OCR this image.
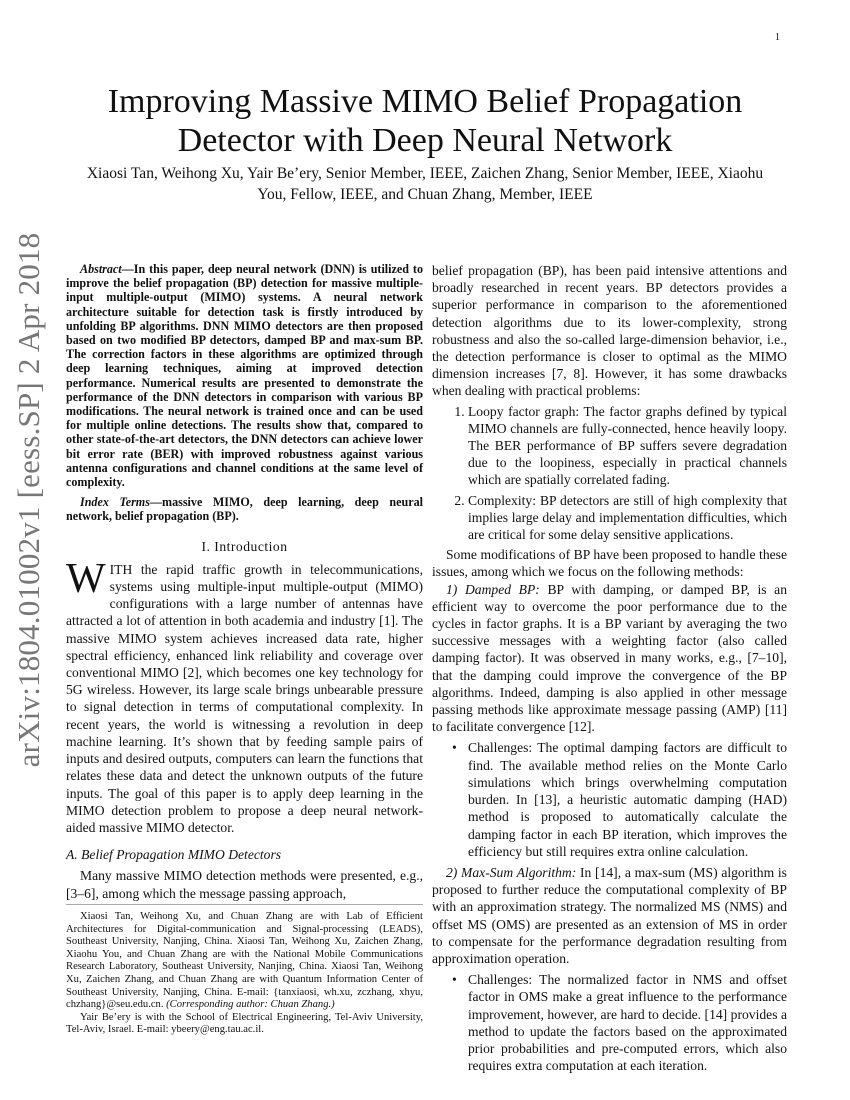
1
arXiv:1804.01002v1 [eess.SP] 2 Apr 2018
Improving Massive MIMO Belief Propagation Detector with Deep Neural Network
Xiaosi Tan, Weihong Xu, Yair Be’ery, Senior Member, IEEE, Zaichen Zhang, Senior Member, IEEE, Xiaohu You, Fellow, IEEE, and Chuan Zhang, Member, IEEE

Abstract—In this paper, deep neural network (DNN) is utilized to improve the belief propagation (BP) detection for massive multiple-input multiple-output (MIMO) systems. A neural network architecture suitable for detection task is firstly introduced by unfolding BP algorithms. DNN MIMO detectors are then proposed based on two modified BP detectors, damped BP and max-sum BP. The correction factors in these algorithms are optimized through deep learning techniques, aiming at improved detection performance. Numerical results are presented to demonstrate the performance of the DNN detectors in comparison with various BP modifications. The neural network is trained once and can be used for multiple online detections. The results show that, compared to other state-of-the-art detectors, the DNN detectors can achieve lower bit error rate (BER) with improved robustness against various antenna configurations and channel conditions at the same level of complexity.

Index Terms—massive MIMO, deep learning, deep neural network, belief propagation (BP).

I. Introduction

WITH the rapid traffic growth in telecommunications, systems using multiple-input multiple-output (MIMO) configurations with a large number of antennas have attracted a lot of attention in both academia and industry [1]. The massive MIMO system achieves increased data rate, higher spectral efficiency, enhanced link reliability and coverage over conventional MIMO [2], which becomes one key technology for 5G wireless. However, its large scale brings unbearable pressure to signal detection in terms of computational complexity. In recent years, the world is witnessing a revolution in deep machine learning. It’s shown that by feeding sample pairs of inputs and desired outputs, computers can learn the functions that relates these data and detect the unknown outputs of the future inputs. The goal of this paper is to apply deep learning in the MIMO detection problem to propose a deep neural network-aided massive MIMO detector.

A. Belief Propagation MIMO Detectors

Many massive MIMO detection methods were presented, e.g., [3–6], among which the message passing approach,

Xiaosi Tan, Weihong Xu, and Chuan Zhang are with Lab of Efficient Architectures for Digital-communication and Signal-processing (LEADS), Southeast University, Nanjing, China. Xiaosi Tan, Weihong Xu, Zaichen Zhang, Xiaohu You, and Chuan Zhang are with the National Mobile Communications Research Laboratory, Southeast University, Nanjing, China. Xiaosi Tan, Weihong Xu, Zaichen Zhang, and Chuan Zhang are with Quantum Information Center of Southeast University, Nanjing, China. E-mail: {tanxiaosi, wh.xu, zczhang, xhyu, chzhang}@seu.edu.cn. (Corresponding author: Chuan Zhang.)

Yair Be’ery is with the School of Electrical Engineering, Tel-Aviv University, Tel-Aviv, Israel. E-mail: ybeery@eng.tau.ac.il.

belief propagation (BP), has been paid intensive attentions and broadly researched in recent years. BP detectors provides a superior performance in comparison to the aforementioned detection algorithms due to its lower-complexity, strong robustness and also the so-called large-dimension behavior, i.e., the detection performance is closer to optimal as the MIMO dimension increases [7, 8]. However, it has some drawbacks when dealing with practical problems:

1. Loopy factor graph: The factor graphs defined by typical MIMO channels are fully-connected, hence heavily loopy. The BER performance of BP suffers severe degradation due to the loopiness, especially in practical channels which are spatially correlated fading.
2. Complexity: BP detectors are still of high complexity that implies large delay and implementation difficulties, which are critical for some delay sensitive applications.

Some modifications of BP have been proposed to handle these issues, among which we focus on the following methods:

1) Damped BP: BP with damping, or damped BP, is an efficient way to overcome the poor performance due to the cycles in factor graphs. It is a BP variant by averaging the two successive messages with a weighting factor (also called damping factor). It was observed in many works, e.g., [7–10], that the damping could improve the convergence of the BP algorithms. Indeed, damping is also applied in other message passing methods like approximate message passing (AMP) [11] to facilitate convergence [12].

• Challenges: The optimal damping factors are difficult to find. The available method relies on the Monte Carlo simulations which brings overwhelming computation burden. In [13], a heuristic automatic damping (HAD) method is proposed to automatically calculate the damping factor in each BP iteration, which improves the efficiency but still requires extra online calculation.

2) Max-Sum Algorithm: In [14], a max-sum (MS) algorithm is proposed to further reduce the computational complexity of BP with an approximation strategy. The normalized MS (NMS) and offset MS (OMS) are presented as an extension of MS in order to compensate for the performance degradation resulting from approximation operation.

• Challenges: The normalized factor in NMS and offset factor in OMS make a great influence to the performance improvement, however, are hard to decide. [14] provides a method to update the factors based on the approximated prior probabilities and pre-computed errors, which also requires extra computation at each iteration.
